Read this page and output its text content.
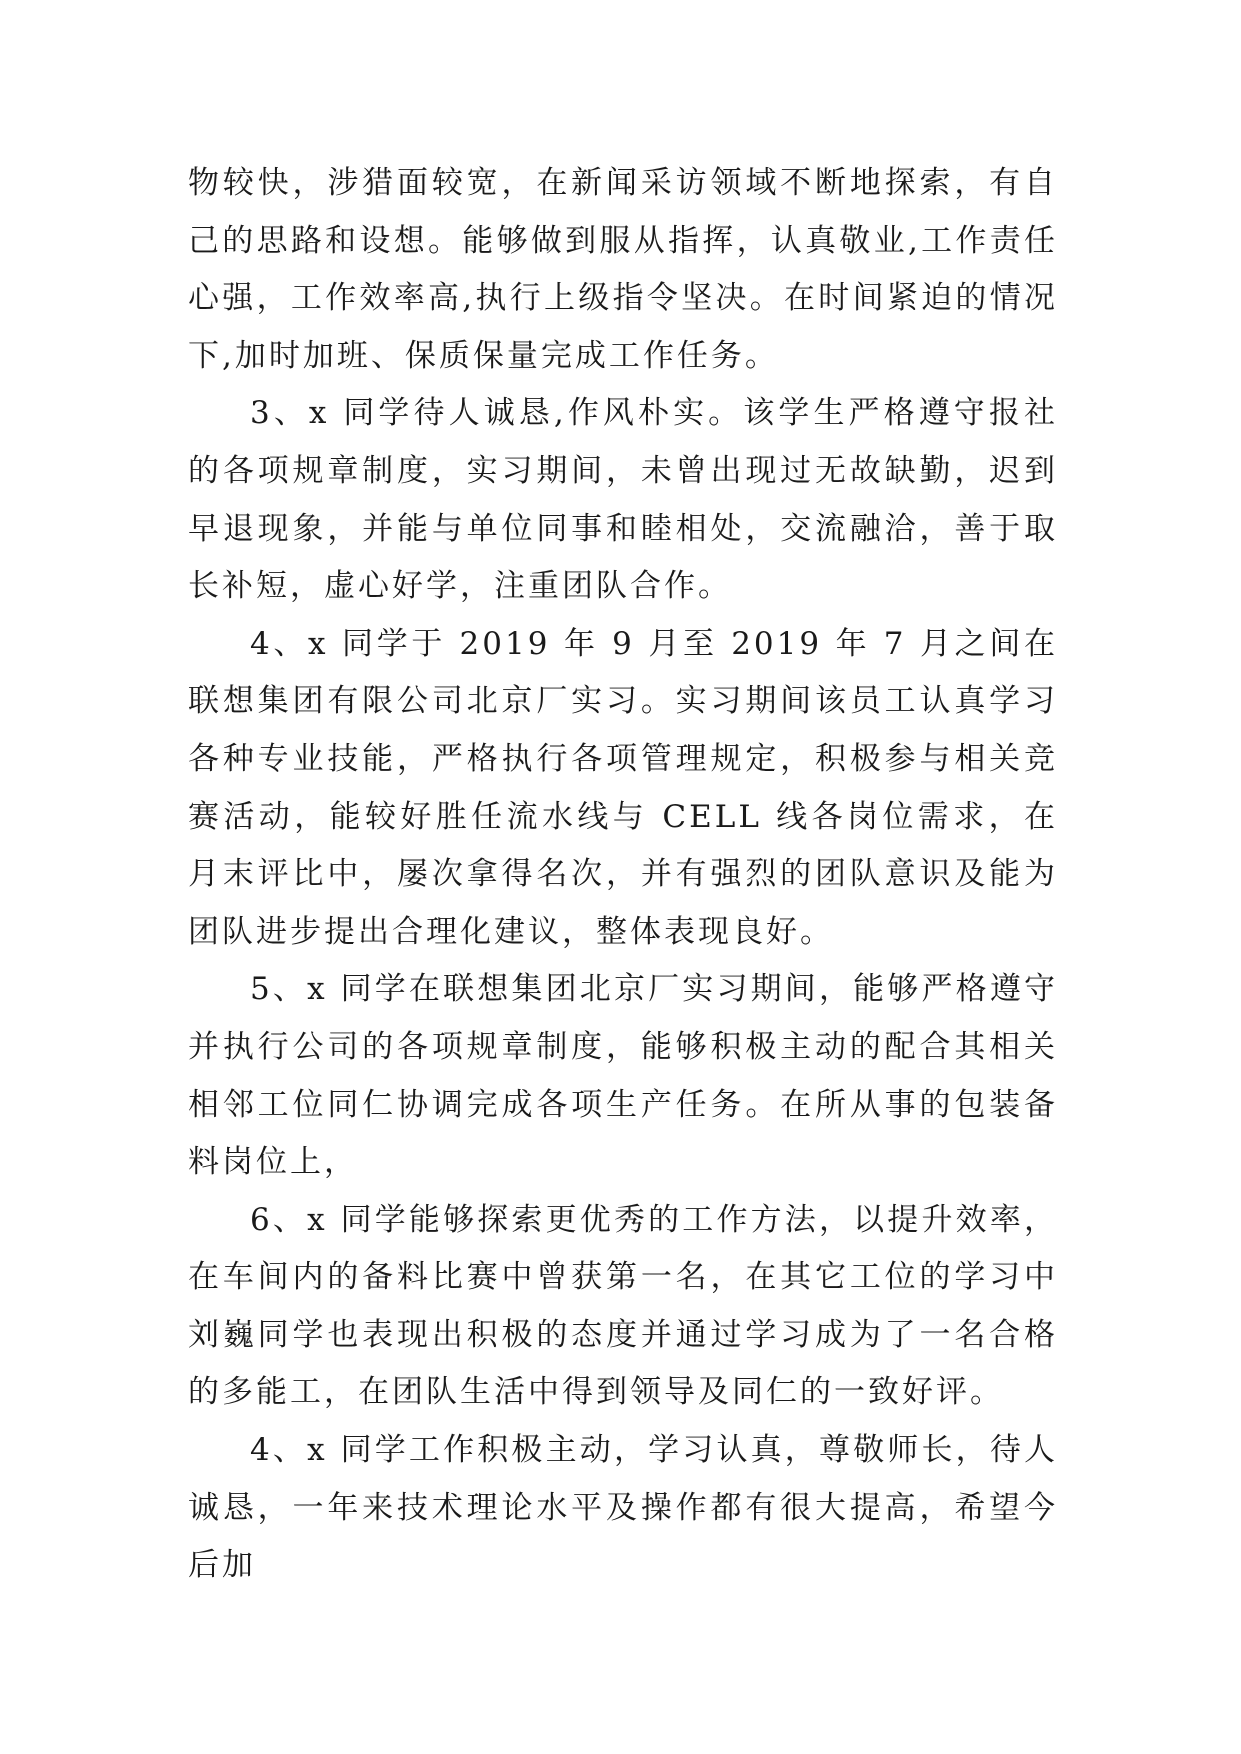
物较快，涉猎面较宽，在新闻采访领域不断地探索，有自己的思路和设想。能够做到服从指挥，认真敬业,工作责任心强，工作效率高,执行上级指令坚决。在时间紧迫的情况下,加时加班、保质保量完成工作任务。

3、x 同学待人诚恳,作风朴实。该学生严格遵守报社的各项规章制度，实习期间，未曾出现过无故缺勤，迟到早退现象，并能与单位同事和睦相处，交流融洽，善于取长补短，虚心好学，注重团队合作。

4、x 同学于 2019 年 9 月至 2019 年 7 月之间在联想集团有限公司北京厂实习。实习期间该员工认真学习各种专业技能，严格执行各项管理规定，积极参与相关竞赛活动，能较好胜任流水线与 CELL 线各岗位需求，在月末评比中，屡次拿得名次，并有强烈的团队意识及能为团队进步提出合理化建议，整体表现良好。

5、x 同学在联想集团北京厂实习期间，能够严格遵守并执行公司的各项规章制度，能够积极主动的配合其相关相邻工位同仁协调完成各项生产任务。在所从事的包装备料岗位上，

6、x 同学能够探索更优秀的工作方法，以提升效率，在车间内的备料比赛中曾获第一名，在其它工位的学习中刘巍同学也表现出积极的态度并通过学习成为了一名合格的多能工，在团队生活中得到领导及同仁的一致好评。

4、x 同学工作积极主动，学习认真，尊敬师长，待人诚恳，一年来技术理论水平及操作都有很大提高，希望今后加
